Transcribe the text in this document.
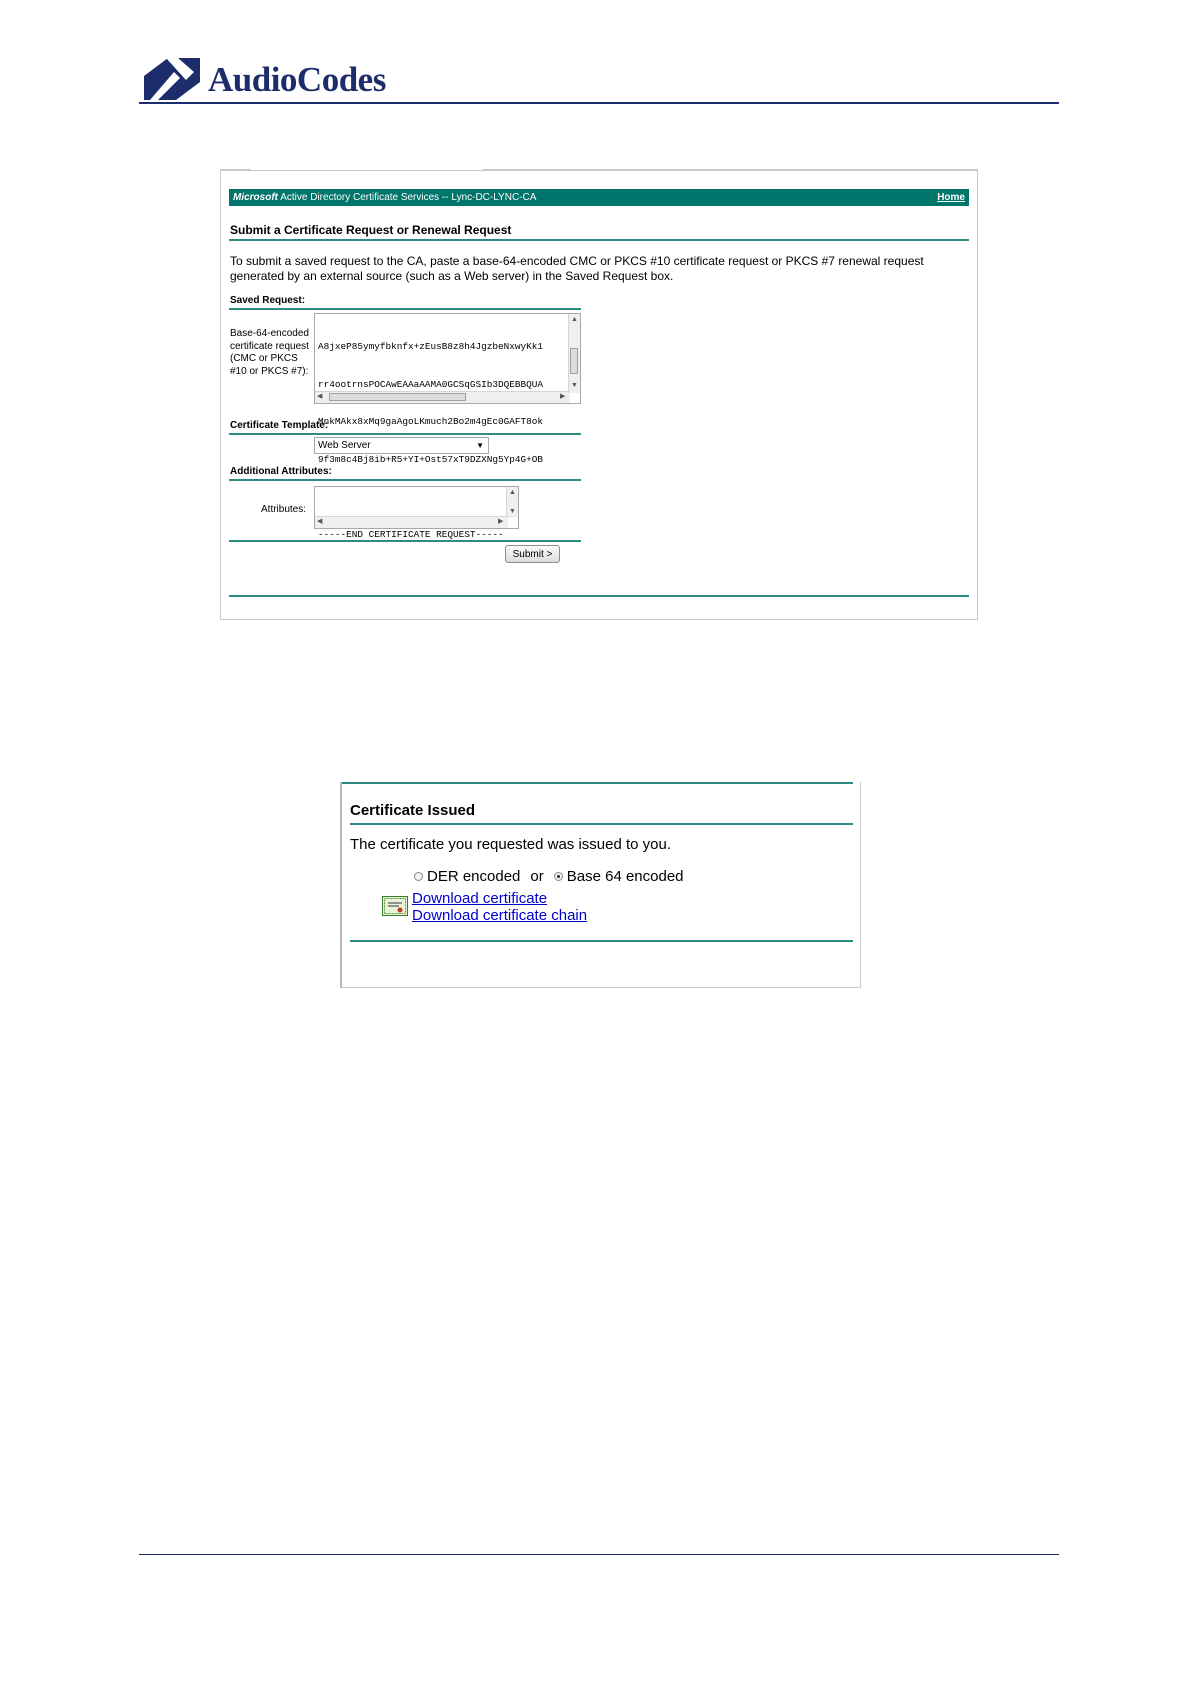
AudioCodes
Microsoft Active Directory Certificate Services -- Lync-DC-LYNC-CA	Home
Submit a Certificate Request or Renewal Request
To submit a saved request to the CA, paste a base-64-encoded CMC or PKCS #10 certificate request or PKCS #7 renewal request generated by an external source (such as a Web server) in the Saved Request box.
Saved Request:
Base-64-encoded certificate request (CMC or PKCS #10 or PKCS #7):

A8jxeP85ymyfbknfx+zEusB8z8h4JgzbeNxwyKk1

rr4ootrnsPOCAwEAAaAAMA0GCSqGSIb3DQEBBQUA

MnkMAkx8xMq9gaAgoLKmuch2Bo2m4gEc0GAFT8ok

9f3m8c4Bj8ib+R5+YI+Ost57xT9DZXNg5Yp4G+OB

-----END CERTIFICATE REQUEST-----

▲
▼
◀	▶
Certificate Template:
Web Server	▼
Additional Attributes:
Attributes:
▲
▼
◀	▶
Submit >
Certificate Issued
The certificate you requested was issued to you.
DER encoded or Base 64 encoded
Download certificate
Download certificate chain
